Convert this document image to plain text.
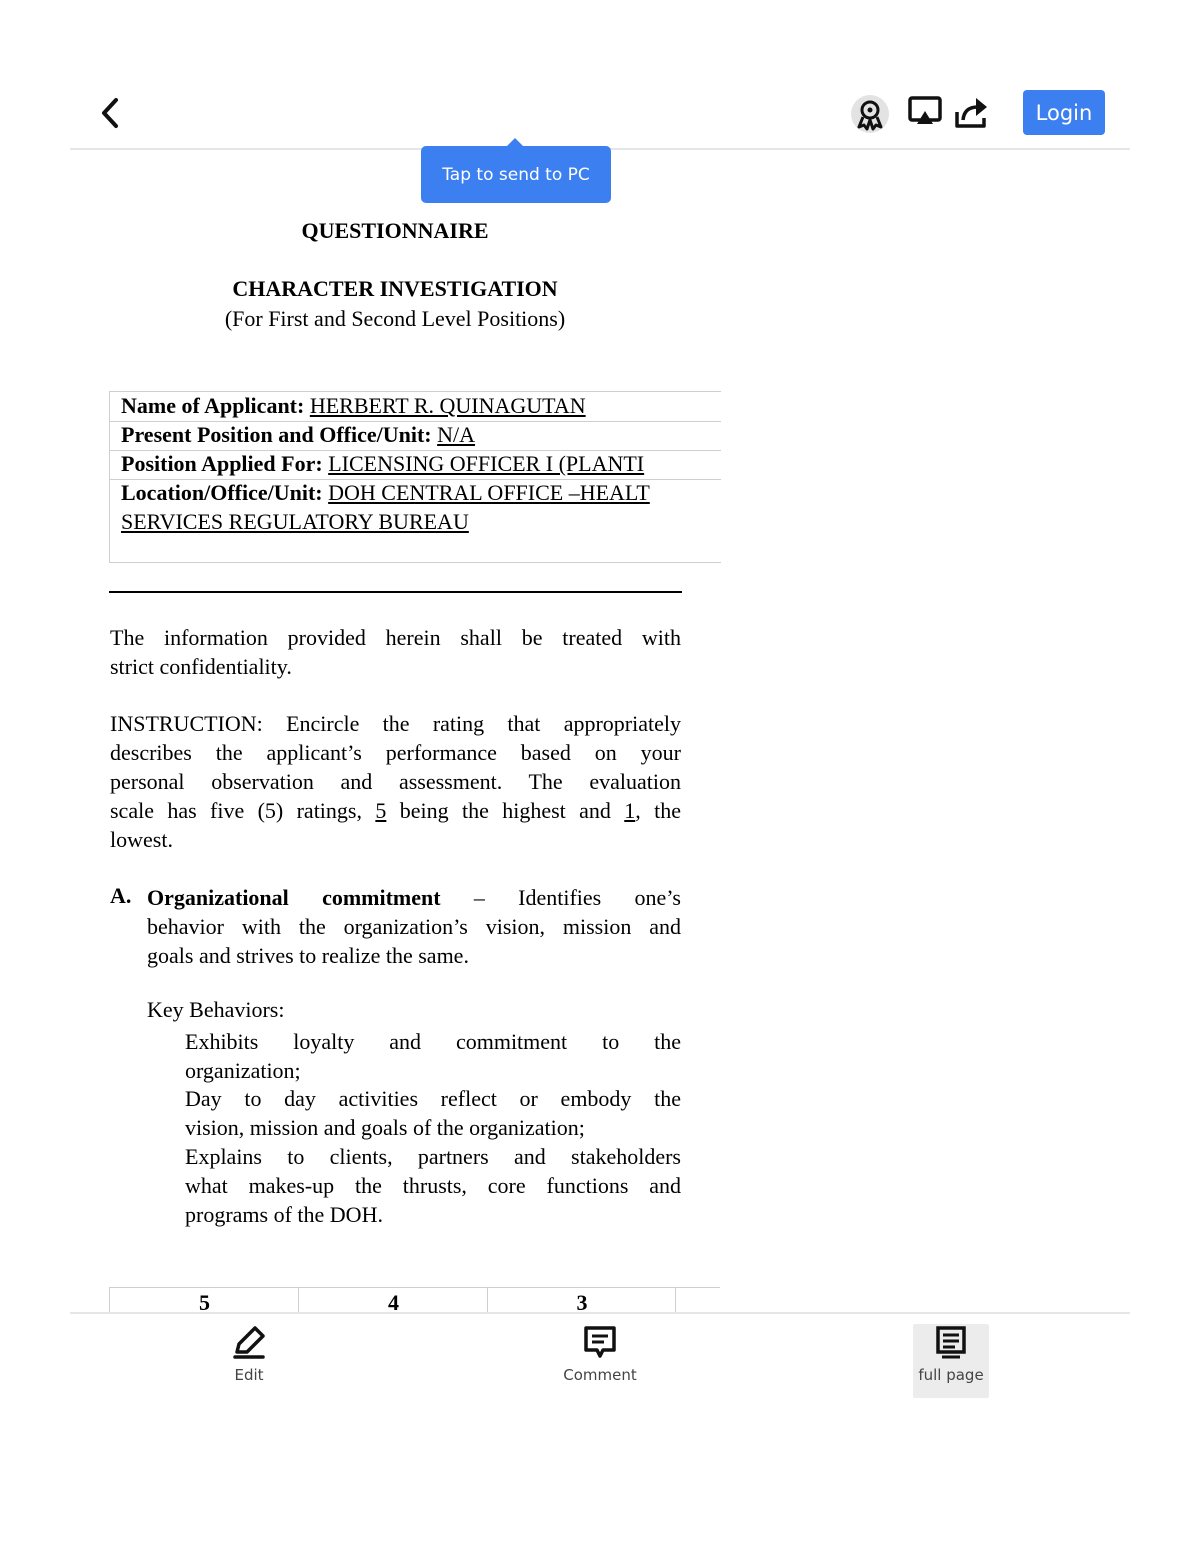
Login
Tap to send to PC
QUESTIONNAIRE
CHARACTER INVESTIGATION
(For First and Second Level Positions)
Name of Applicant: HERBERT R. QUINAGUTAN
Present Position and Office/Unit: N/A
Position Applied For: LICENSING OFFICER I (PLANTI
Location/Office/Unit: DOH CENTRAL OFFICE –HEALT
SERVICES REGULATORY BUREAU
The information provided herein shall be treated with
strict confidentiality.
INSTRUCTION: Encircle the rating that appropriately
describes the applicant’s performance based on your
personal observation and assessment. The evaluation
scale has five (5) ratings, 5 being the highest and 1, the
lowest.
A. Organizational commitment – Identifies one’s
behavior with the organization’s vision, mission and
goals and strives to realize the same.
Key Behaviors:
Exhibits loyalty and commitment to the
organization;
Day to day activities reflect or embody the
vision, mission and goals of the organization;
Explains to clients, partners and stakeholders
what makes-up the thrusts, core functions and
programs of the DOH.
5	4	3
Edit	Comment	full page
